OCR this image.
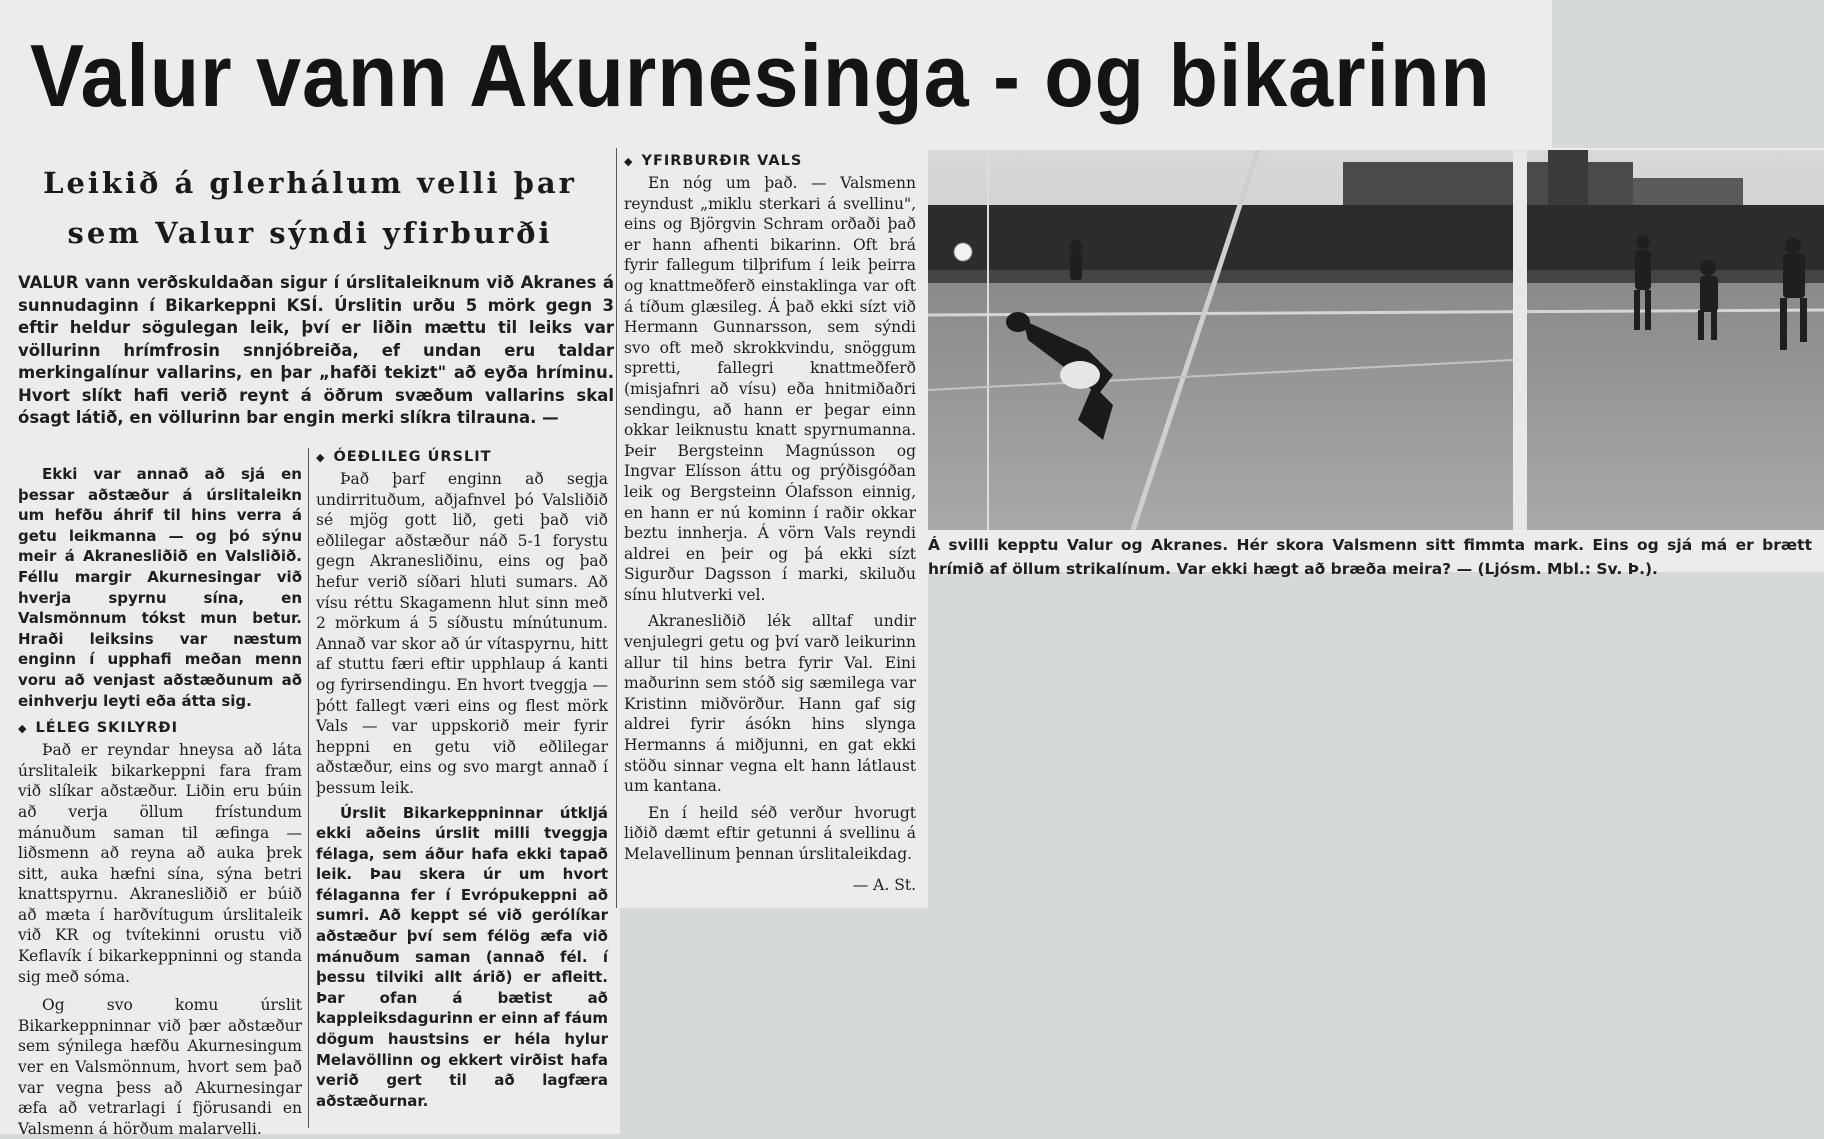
Valur vann Akurnesinga - og bikarinn
Leikið á glerhálum velli þar sem Valur sýndi yfirburði

VALUR vann verðskuldaðan sigur í úrslitaleiknum við Akranes á sunnudaginn í Bikarkeppni KSÍ. Úrslitin urðu 5 mörk gegn 3 eftir heldur sögulegan leik, því er liðin mættu til leiks var völlurinn hrímfrosin snnjóbreiða, ef undan eru taldar merkingalínur vallarins, en þar „hafði tekizt" að eyða hríminu. Hvort slíkt hafi verið reynt á öðrum svæðum vallarins skal ósagt látið, en völlurinn bar engin merki slíkra tilrauna. —

Ekki var annað að sjá en þessar aðstæður á úrslitaleikn um hefðu áhrif til hins verra á getu leikmanna — og þó sýnu meir á Akranesliðið en Valsliðið. Féllu margir Akurnesingar við hverja spyrnu sína, en Valsmönnum tókst mun betur. Hraði leiksins var næstum enginn í upphafi meðan menn voru að venjast aðstæðunum að einhverju leyti eða átta sig.

◆ LÉLEG SKILYRÐI

Það er reyndar hneysa að láta úrslitaleik bikarkeppni fara fram við slíkar aðstæður. Liðin eru búin að verja öllum frístundum mánuðum saman til æfinga — liðsmenn að reyna að auka þrek sitt, auka hæfni sína, sýna betri knattspyrnu. Akranesliðið er búið að mæta í harðvítugum úrslitaleik við KR og tvítekinni orustu við Keflavík í bikarkeppninni og standa sig með sóma.

Og svo komu úrslit Bikarkeppninnar við þær aðstæður sem sýnilega hæfðu Akurnesingum ver en Valsmönnum, hvort sem það var vegna þess að Akurnesingar æfa að vetrarlagi í fjörusandi en Valsmenn á hörðum malarvelli.

◆ ÓEÐLILEG ÚRSLIT

Það þarf enginn að segja undirrituðum, aðjafnvel þó Valsliðið sé mjög gott lið, geti það við eðlilegar aðstæður náð 5-1 forystu gegn Akranesliðinu, eins og það hefur verið síðari hluti sumars. Að vísu réttu Skagamenn hlut sinn með 2 mörkum á 5 síðustu mínútunum. Annað var skor að úr vítaspyrnu, hitt af stuttu færi eftir upphlaup á kanti og fyrirsendingu. En hvort tveggja — þótt fallegt væri eins og flest mörk Vals — var uppskorið meir fyrir heppni en getu við eðlilegar aðstæður, eins og svo margt annað í þessum leik.

Úrslit Bikarkeppninnar útkljá ekki aðeins úrslit milli tveggja félaga, sem áður hafa ekki tapað leik. Þau skera úr um hvort félaganna fer í Evrópukeppni að sumri. Að keppt sé við gerólíkar aðstæður því sem félög æfa við mánuðum saman (annað fél. í þessu tilviki allt árið) er afleitt. Þar ofan á bætist að kappleiksdagurinn er einn af fáum dögum haustsins er héla hylur Melavöllinn og ekkert virðist hafa verið gert til að lagfæra aðstæðurnar.

◆ YFIRBURÐIR VALS

En nóg um það. — Valsmenn reyndust „miklu sterkari á svellinu", eins og Björgvin Schram orðaði það er hann afhenti bikarinn. Oft brá fyrir fallegum tilþrifum í leik þeirra og knattmeðferð einstaklinga var oft á tíðum glæsileg. Á það ekki sízt við Hermann Gunnarsson, sem sýndi svo oft með skrokkvindu, snöggum spretti, fallegri knattmeðferð (misjafnri að vísu) eða hnitmiðaðri sendingu, að hann er þegar einn okkar leiknustu knatt spyrnumanna. Þeir Bergsteinn Magnússon og Ingvar Elísson áttu og prýðisgóðan leik og Bergsteinn Ólafsson einnig, en hann er nú kominn í raðir okkar beztu innherja. Á vörn Vals reyndi aldrei en þeir og þá ekki sízt Sigurður Dagsson í marki, skiluðu sínu hlutverki vel.

Akranesliðið lék alltaf undir venjulegri getu og því varð leikurinn allur til hins betra fyrir Val. Eini maðurinn sem stóð sig sæmilega var Kristinn miðvörður. Hann gaf sig aldrei fyrir ásókn hins slynga Hermanns á miðjunni, en gat ekki stöðu sinnar vegna elt hann látlaust um kantana.

En í heild séð verður hvorugt liðið dæmt eftir getunni á svellinu á Melavellinum þennan úrslitaleikdag.

— A. St.

Á svilli kepptu Valur og Akranes. Hér skora Valsmenn sitt fimmta mark. Eins og sjá má er brætt hrímið af öllum strikalínum. Var ekki hægt að bræða meira? — (Ljósm. Mbl.: Sv. Þ.).
